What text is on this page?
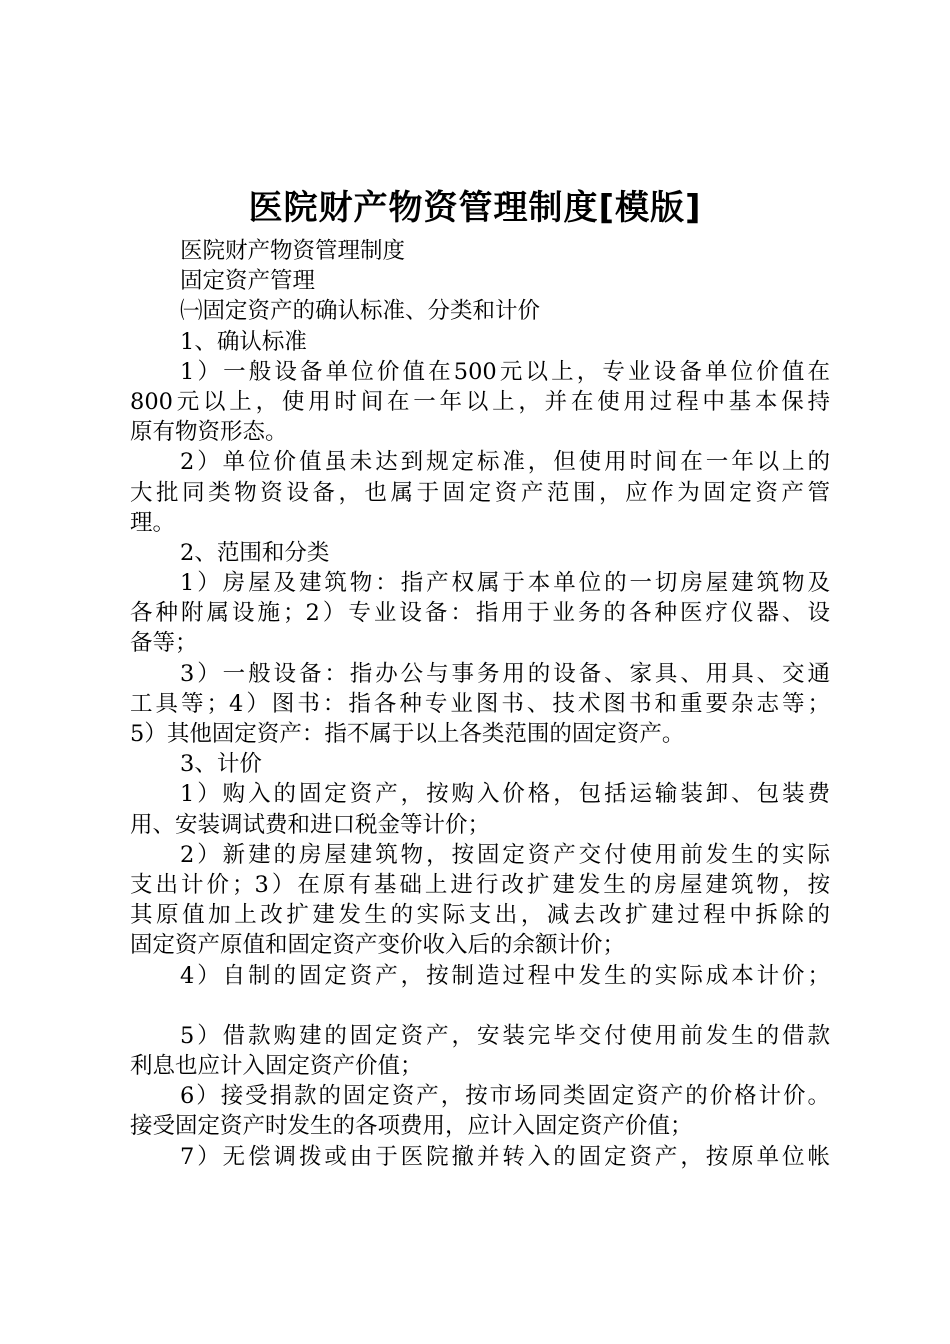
医院财产物资管理制度[模版]
医院财产物资管理制度
固定资产管理
㈠固定资产的确认标准、分类和计价
1、确认标准
1）一般设备单位价值在500元以上，专业设备单位价值在
800元以上，使用时间在一年以上，并在使用过程中基本保持
原有物资形态。
2）单位价值虽未达到规定标准，但使用时间在一年以上的
大批同类物资设备，也属于固定资产范围，应作为固定资产管
理。
2、范围和分类
1）房屋及建筑物：指产权属于本单位的一切房屋建筑物及
各种附属设施；2）专业设备：指用于业务的各种医疗仪器、设
备等；
3）一般设备：指办公与事务用的设备、家具、用具、交通
工具等；4）图书：指各种专业图书、技术图书和重要杂志等；
5）其他固定资产：指不属于以上各类范围的固定资产。
3、计价
1）购入的固定资产，按购入价格，包括运输装卸、包装费
用、安装调试费和进口税金等计价；
2）新建的房屋建筑物，按固定资产交付使用前发生的实际
支出计价；3）在原有基础上进行改扩建发生的房屋建筑物，按
其原值加上改扩建发生的实际支出，减去改扩建过程中拆除的
固定资产原值和固定资产变价收入后的余额计价；
4）自制的固定资产，按制造过程中发生的实际成本计价；
5）借款购建的固定资产，安装完毕交付使用前发生的借款
利息也应计入固定资产价值；
6）接受捐款的固定资产，按市场同类固定资产的价格计价。
接受固定资产时发生的各项费用，应计入固定资产价值；
7）无偿调拨或由于医院撤并转入的固定资产，按原单位帐
